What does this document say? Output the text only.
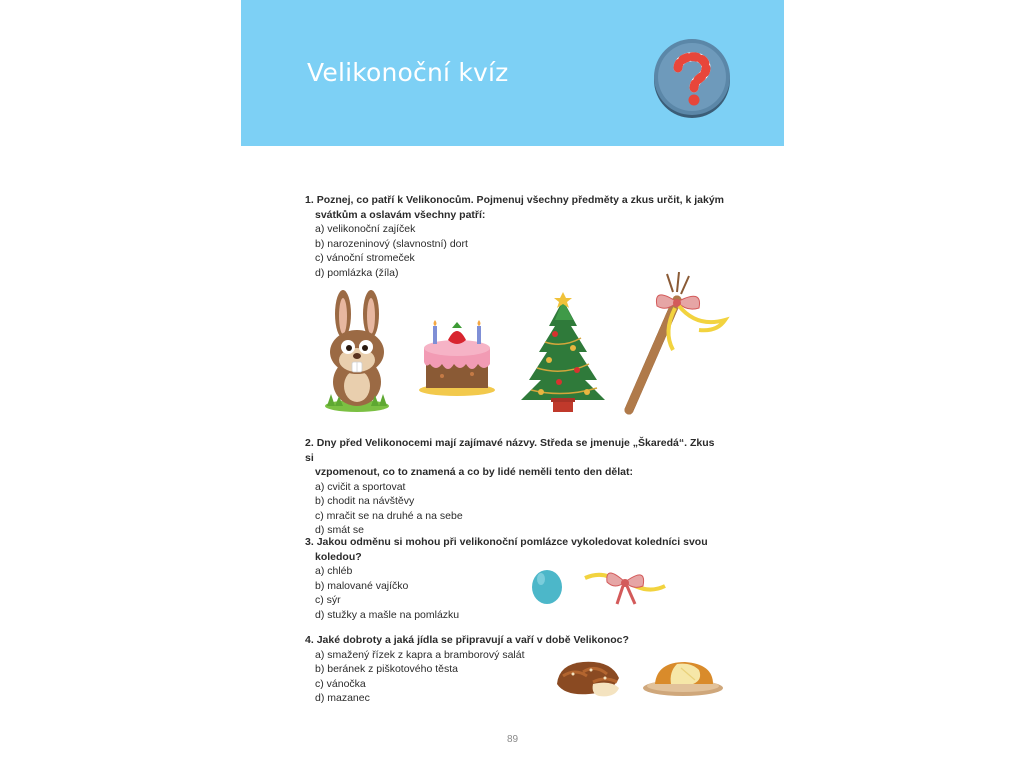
Velikonoční kvíz
1. Poznej, co patří k Velikonocům. Pojmenuj všechny předměty a zkus určit, k jakým
svátkům a oslavám všechny patří:
a) velikonoční zajíček
b) narozeninový (slavnostní) dort
c) vánoční stromeček
d) pomlázka (žíla)
2. Dny před Velikonocemi mají zajímavé názvy. Středa se jmenuje „Škaredá“. Zkus si
vzpomenout, co to znamená a co by lidé neměli tento den dělat:
a) cvičit a sportovat
b) chodit na návštěvy
c) mračit se na druhé a na sebe
d) smát se
3. Jakou odměnu si mohou při velikonoční pomlázce vykoledovat koledníci svou
koledou?
a) chléb
b) malované vajíčko
c) sýr
d) stužky a mašle na pomlázku
4. Jaké dobroty a jaká jídla se připravují a vaří v době Velikonoc?
a) smažený řízek z kapra a bramborový salát
b) beránek z piškotového těsta
c) vánočka
d) mazanec
89
